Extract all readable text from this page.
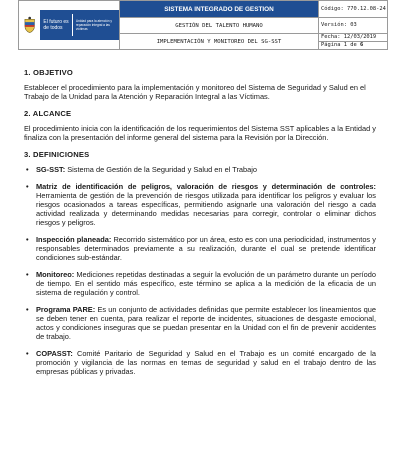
El futuro es de todos
Unidad para la atención y reparación integral a las víctimas	SISTEMA INTEGRADO DE GESTION	Código: 770.12.08-24
	GESTIÓN DEL TALENTO HUMANO	Versión: 03
	IMPLEMENTACIÓN Y MONITOREO DEL SG-SST	Fecha: 12/03/2019
		Página 1 de 6
1. OBJETIVO

Establecer el procedimiento para la implementación y monitoreo del Sistema de Seguridad y Salud en el Trabajo de la Unidad para la Atención y Reparación Integral a las Víctimas.

2. ALCANCE

El procedimiento inicia con la identificación de los requerimientos del Sistema SST aplicables a la Entidad y finaliza con la presentación del informe general del sistema para la Revisión por la Dirección.

3. DEFINICIONES
• SG-SST: Sistema de Gestión de la Seguridad y Salud en el Trabajo
• Matriz de identificación de peligros, valoración de riesgos y determinación de controles: Herramienta de gestión de la prevención de riesgos utilizada para identificar los peligros y evaluar los riesgos ocasionados a tareas específicas, permitiendo asignarle una valoración del riesgo a cada actividad realizada y determinando medidas necesarias para corregir, controlar o eliminar dichos riesgos y peligros.
• Inspección planeada: Recorrido sistemático por un área, esto es con una periodicidad, instrumentos y responsables determinados previamente a su realización, durante el cual se pretende identificar condiciones sub-estándar.
• Monitoreo: Mediciones repetidas destinadas a seguir la evolución de un parámetro durante un período de tiempo. En el sentido más específico, este término se aplica a la medición de la eficacia de un sistema de regulación y control.
• Programa PARE: Es un conjunto de actividades definidas que permite establecer los lineamientos que se deben tener en cuenta, para realizar el reporte de incidentes, situaciones de desgaste emocional, actos y condiciones inseguras que se puedan presentar en la Unidad con el fin de prevenir accidentes de trabajo.
• COPASST: Comité Paritario de Seguridad y Salud en el Trabajo es un comité encargado de la promoción y vigilancia de las normas en temas de seguridad y salud en el trabajo dentro de las empresas públicas y privadas.
